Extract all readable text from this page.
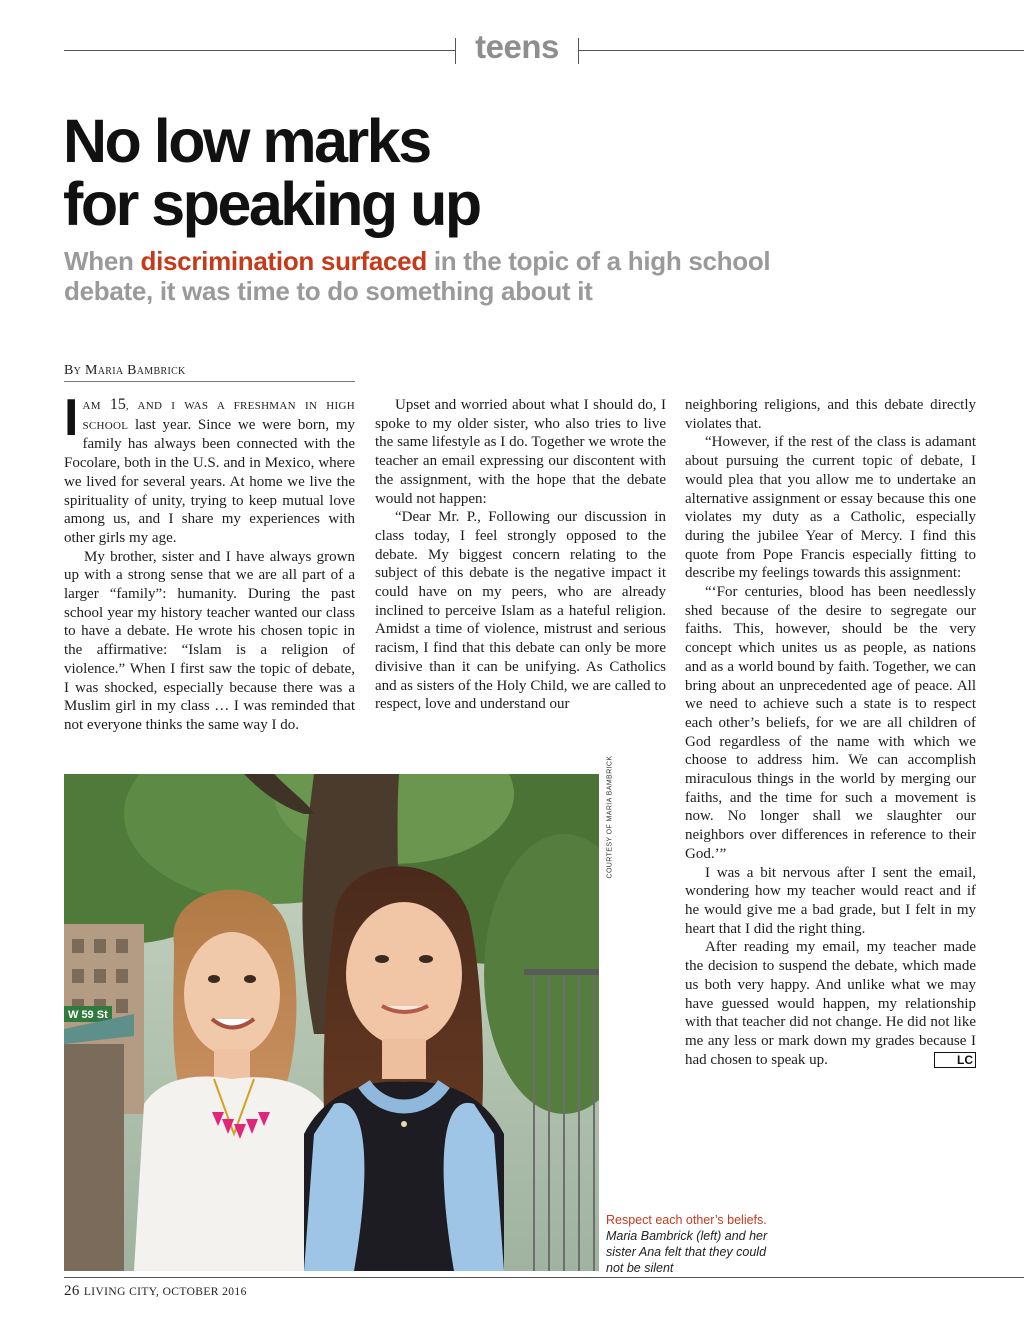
teens
No low marks
for speaking up
When discrimination surfaced in the topic of a high school debate, it was time to do something about it
By Maria Bambrick

IAM 15, AND I WAS A FRESHMAN IN HIGH SCHOOL last year. Since we were born, my family has always been connected with the Focolare, both in the U.S. and in Mexico, where we lived for several years. At home we live the spirituality of unity, trying to keep mutual love among us, and I share my experiences with other girls my age.

My brother, sister and I have always grown up with a strong sense that we are all part of a larger “family”: humanity. During the past school year my history teacher wanted our class to have a debate. He wrote his chosen topic in the affirmative: “Islam is a religion of violence.” When I first saw the topic of debate, I was shocked, especially because there was a Muslim girl in my class … I was reminded that not everyone thinks the same way I do.

Upset and worried about what I should do, I spoke to my older sister, who also tries to live the same lifestyle as I do. Together we wrote the teacher an email expressing our discontent with the assignment, with the hope that the debate would not happen:

“Dear Mr. P., Following our discussion in class today, I feel strongly opposed to the debate. My biggest concern relating to the subject of this debate is the negative impact it could have on my peers, who are already inclined to perceive Islam as a hateful religion. Amidst a time of violence, mistrust and serious racism, I find that this debate can only be more divisive than it can be unifying. As Catholics and as sisters of the Holy Child, we are called to respect, love and understand our

neighboring religions, and this debate directly violates that.

“However, if the rest of the class is adamant about pursuing the current topic of debate, I would plea that you allow me to undertake an alternative assignment or essay because this one violates my duty as a Catholic, especially during the jubilee Year of Mercy. I find this quote from Pope Francis especially fitting to describe my feelings towards this assignment:

“‘For centuries, blood has been needlessly shed because of the desire to segregate our faiths. This, however, should be the very concept which unites us as people, as nations and as a world bound by faith. Together, we can bring about an unprecedented age of peace. All we need to achieve such a state is to respect each other’s beliefs, for we are all children of God regardless of the name with which we choose to address him. We can accomplish miraculous things in the world by merging our faiths, and the time for such a movement is now. No longer shall we slaughter our neighbors over differences in reference to their God.’”

I was a bit nervous after I sent the email, wondering how my teacher would react and if he would give me a bad grade, but I felt in my heart that I did the right thing.

After reading my email, my teacher made the decision to suspend the debate, which made us both very happy. And unlike what we may have guessed would happen, my relationship with that teacher did not change. He did not like me any less or mark down my grades because I had chosen to speak up.	LC

W 59 St
COURTESY OF MARIA BAMBRICK
Respect each other’s beliefs. Maria Bambrick (left) and her sister Ana felt that they could not be silent
26 LIVING CITY, OCTOBER 2016
